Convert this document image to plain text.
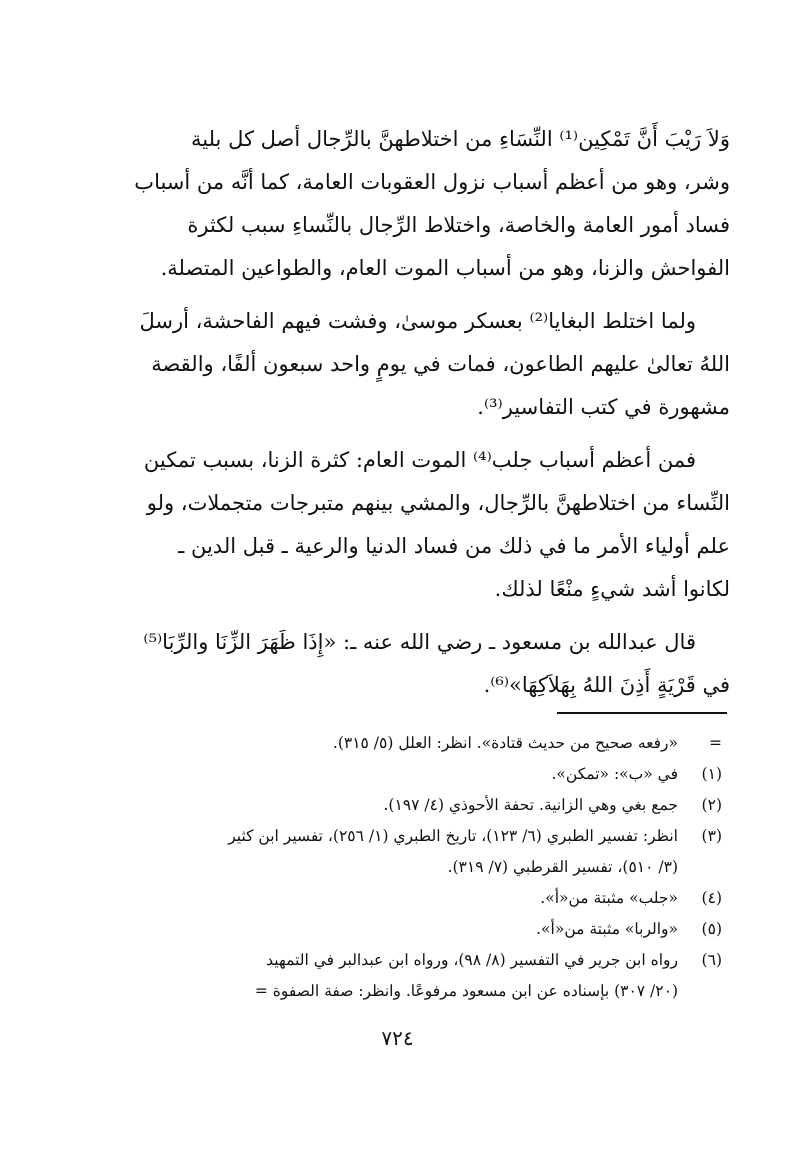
وَلاَ رَيْبَ أَنَّ تَمْكِين⁽¹⁾ النِّسَاءِ من اختلاطهنَّ بالرِّجال أصل كل بلية
وشر، وهو من أعظم أسباب نزول العقوبات العامة، كما أنَّه من أسباب
فساد أمور العامة والخاصة، واختلاط الرِّجال بالنِّساءِ سبب لكثرة
الفواحش والزنا، وهو من أسباب الموت العام، والطواعين المتصلة.

ولما اختلط البغايا⁽²⁾ بعسكر موسىٰ، وفشت فيهم الفاحشة، أرسلَ
اللهُ تعالىٰ عليهم الطاعون، فمات في يومٍ واحد سبعون ألفًا، والقصة
مشهورة في كتب التفاسير⁽³⁾.

فمن أعظم أسباب جلب⁽⁴⁾ الموت العام: كثرة الزنا، بسبب تمكين
النِّساء من اختلاطهنَّ بالرِّجال، والمشي بينهم متبرجات متجملات، ولو
علم أولياء الأمر ما في ذلك من فساد الدنيا والرعية ـ قبل الدين ـ
لكانوا أشد شيءٍ منْعًا لذلك.

قال عبدالله بن مسعود ـ رضي الله عنه ـ: «إِذَا ظَهَرَ الزِّنَا والرِّبَا⁽⁵⁾
في قَرْيَةٍ أَذِنَ اللهُ بِهَلاَكِهَا»⁽⁶⁾.

=
«رفعه صحيح من حديث قتادة». انظر: العلل (٥/ ٣١٥).
(١)
في «ب»: «تمكن».
(٢)
جمع بغي وهي الزانية. تحفة الأحوذي (٤/ ١٩٧).
(٣)
انظر: تفسير الطبري (٦/ ١٢٣)، تاريخ الطبري (١/ ٢٥٦)، تفسير ابن كثير
(٣/ ٥١٠)، تفسير القرطبي (٧/ ٣١٩).
(٤)
«جلب» مثبتة من«أ».
(٥)
«والربا» مثبتة من«أ».
(٦)
رواه ابن جرير في التفسير (٨/ ٩٨)، ورواه ابن عبدالبر في التمهيد
(٢٠/ ٣٠٧) بإسناده عن ابن مسعود مرفوعًا. وانظر: صفة الصفوة =
٧٢٤
